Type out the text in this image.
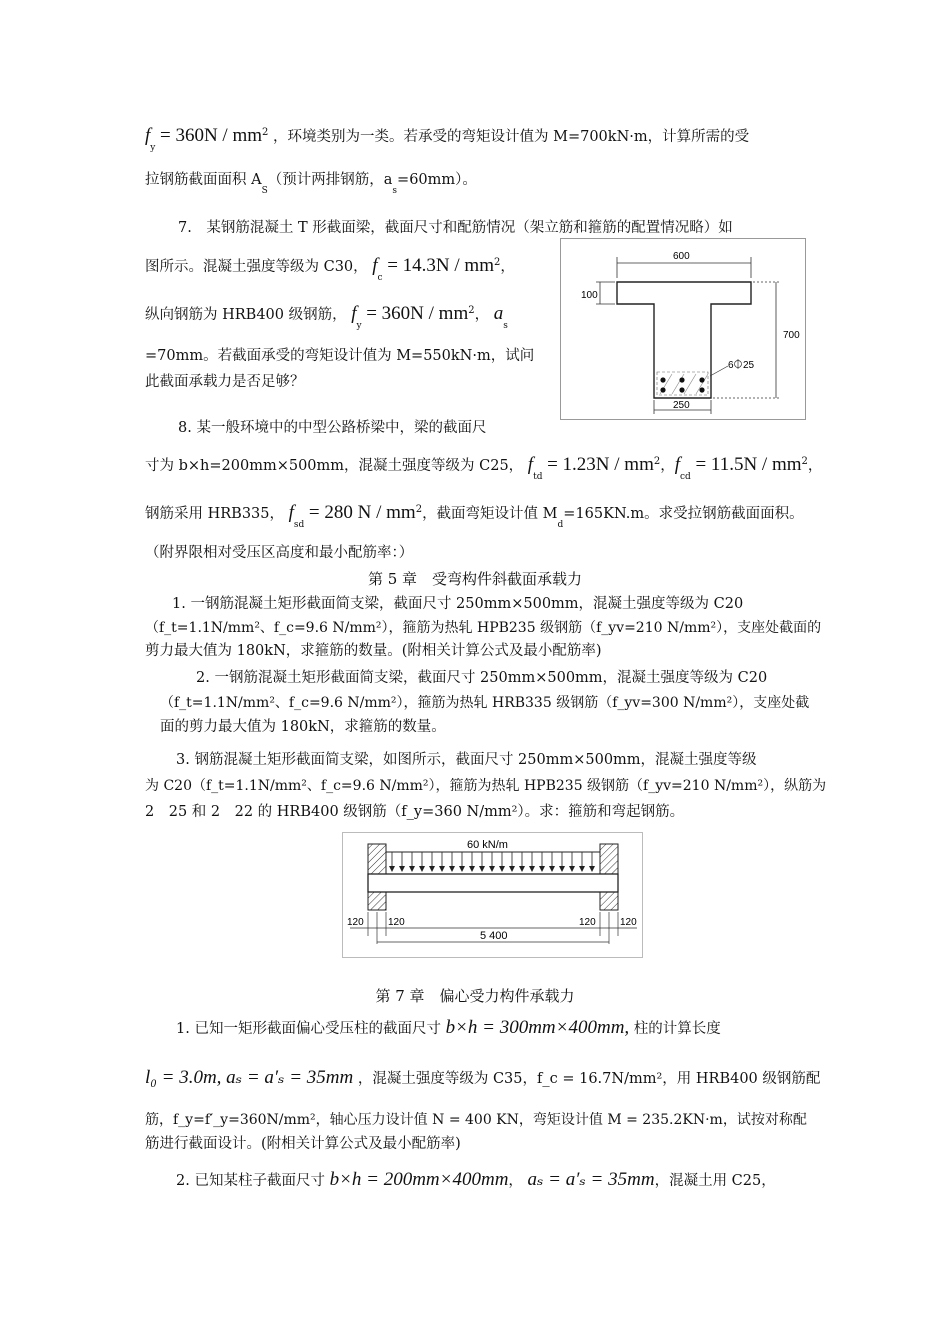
$f_y = 360N / mm^2$ ，环境类别为一类。若承受的弯矩设计值为 M=700kN·m，计算所需的受
拉钢筋截面面积 $A_S$（预计两排钢筋，$a_s=60mm$）。
7.　某钢筋混凝土 T 形截面梁，截面尺寸和配筋情况（架立筋和箍筋的配置情况略）如
图所示。混凝土强度等级为 C30， $f_c = 14.3N / mm^2$，
纵向钢筋为 HRB400 级钢筋， $f_y = 360N / mm^2$， $a_s$
=70mm。若截面承受的弯矩设计值为 M=550kN·m，试问
此截面承载力是否足够？
600
100
700
6 25
250
8. 某一般环境中的中型公路桥梁中，梁的截面尺
寸为 b×h=200mm×500mm，混凝土强度等级为 C25， $f_{td} = 1.23N / mm^2$，$f_{cd} = 11.5N / mm^2$，
钢筋采用 HRB335， $f_{sd} = 280$ N / $mm^2$，截面弯矩设计值 $M_d=165KN.m$。求受拉钢筋截面面积。
（附界限相对受压区高度和最小配筋率：）
第 5 章　受弯构件斜截面承载力
1. 一钢筋混凝土矩形截面简支梁，截面尺寸 250mm×500mm，混凝土强度等级为 C20
（f_t=1.1N/mm²、f_c=9.6 N/mm²），箍筋为热轧 HPB235 级钢筋（f_yv=210 N/mm²），支座处截面的
剪力最大值为 180kN，求箍筋的数量。(附相关计算公式及最小配筋率)
2. 一钢筋混凝土矩形截面简支梁，截面尺寸 250mm×500mm，混凝土强度等级为 C20
（f_t=1.1N/mm²、f_c=9.6 N/mm²），箍筋为热轧 HRB335 级钢筋（f_yv=300 N/mm²），支座处截
面的剪力最大值为 180kN，求箍筋的数量。
3. 钢筋混凝土矩形截面简支梁，如图所示，截面尺寸 250mm×500mm，混凝土强度等级
为 C20（f_t=1.1N/mm²、f_c=9.6 N/mm²），箍筋为热轧 HPB235 级钢筋（f_yv=210 N/mm²），纵筋为
2　25 和 2　22 的 HRB400 级钢筋（f_y=360 N/mm²）。求：箍筋和弯起钢筋。
60 kN/m
120 120
5 400
120 120
第 7 章　偏心受力构件承载力
1. 已知一矩形截面偏心受压柱的截面尺寸 b×h = 300mm×400mm, 柱的计算长度
l₀ = 3.0m, aₛ = a′ₛ = 35mm ，混凝土强度等级为 C35，f_c = 16.7N/mm²，用 HRB400 级钢筋配
筋，f_y=f′_y=360N/mm²，轴心压力设计值 N = 400 KN，弯矩设计值 M = 235.2KN·m，试按对称配
筋进行截面设计。(附相关计算公式及最小配筋率)
2. 已知某柱子截面尺寸 b×h = 200mm×400mm， aₛ = a′ₛ = 35mm，混凝土用 C25，
